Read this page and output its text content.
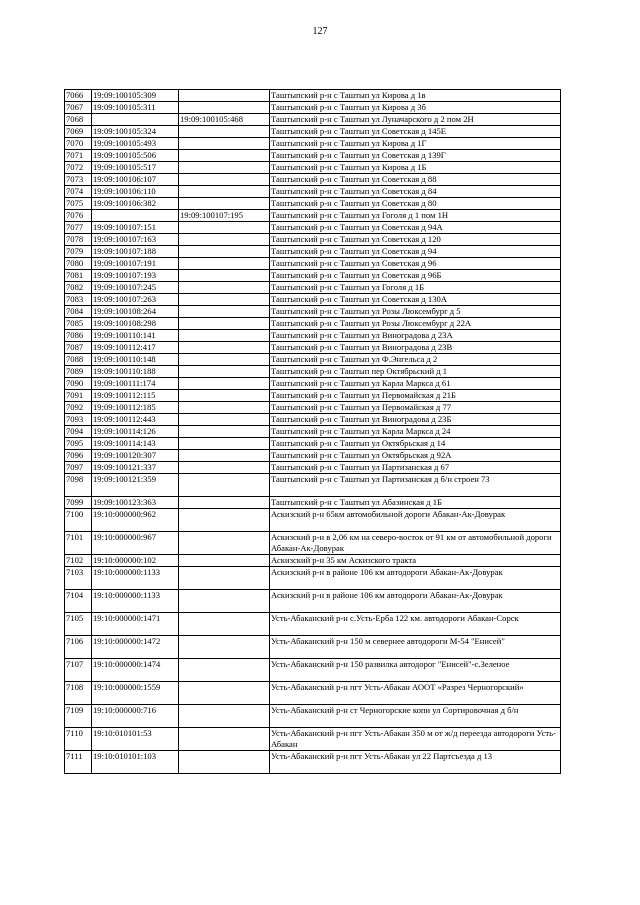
127
7066	19:09:100105:309		Таштыпский р-н с Таштып ул Кирова д 1в
7067	19:09:100105:311		Таштыпский р-н с Таштып ул Кирова д 3б
7068		19:09:100105:468	Таштыпский р-н с Таштып ул Луначарского д 2 пом 2Н
7069	19:09:100105:324		Таштыпский р-н с Таштып ул Советская д 145Е
7070	19:09:100105:493		Таштыпский р-н с Таштып ул Кирова д 1Г
7071	19:09:100105:506		Таштыпский р-н с Таштып ул Советская д 139Г
7072	19:09:100105:517		Таштыпский р-н с Таштып ул Кирова д 1Б
7073	19:09:100106:107		Таштыпский р-н с Таштып ул Советская д 88
7074	19:09:100106:110		Таштыпский р-н с Таштып ул Советская д 84
7075	19:09:100106:382		Таштыпский р-н с Таштып ул Советская д 80
7076		19:09:100107:195	Таштыпский р-н с Таштып ул Гоголя д 1 пом 1Н
7077	19:09:100107:151		Таштыпский р-н с Таштып ул Советская д 94А
7078	19:09:100107:163		Таштыпский р-н с Таштып ул Советская д 120
7079	19:09:100107:188		Таштыпский р-н с Таштып ул Советская д 94
7080	19:09:100107:191		Таштыпский р-н с Таштып ул Советская д 96
7081	19:09:100107:193		Таштыпский р-н с Таштып ул Советская д 96Б
7082	19:09:100107:245		Таштыпский р-н с Таштып ул Гоголя д 1Б
7083	19:09:100107:263		Таштыпский р-н с Таштып ул Советская д 130А
7084	19:09:100108:264		Таштыпский р-н с Таштып ул Розы Люксембург д 5
7085	19:09:100108:298		Таштыпский р-н с Таштып ул Розы Люксембург д 22А
7086	19:09:100110:141		Таштыпский р-н с Таштып ул Виноградова д 23А
7087	19:09:100112:417		Таштыпский р-н с Таштып ул Виноградова д 23В
7088	19:09:100110:148		Таштыпский р-н с Таштып ул Ф.Энгельса д 2
7089	19:09:100110:188		Таштыпский р-н с Таштып пер Октябрьский д 1
7090	19:09:100111:174		Таштыпский р-н с Таштып ул Карла Маркса д 61
7091	19:09:100112:115		Таштыпский р-н с Таштып ул Первомайская д 21Б
7092	19:09:100112:185		Таштыпский р-н с Таштып ул Первомайская д 77
7093	19:09:100112:443		Таштыпский р-н с Таштып ул Виноградова д 23Б
7094	19:09:100114:126		Таштыпский р-н с Таштып ул Карла Маркса д 24
7095	19:09:100114:143		Таштыпский р-н с Таштып ул Октябрьская д 14
7096	19:09:100120:307		Таштыпский р-н с Таштып ул Октябрьская д 92А
7097	19:09:100121:337		Таштыпский р-н с Таштып ул Партизанская д 67
7098	19:09:100121:359		Таштыпский р-н с Таштып ул Партизанская д б/н строен 73
7099	19:09:100123:363		Таштыпский р-н с Таштып ул Абазинская д 1Б
7100	19:10:000000:962		Аскизский р-н 65км автомобильной дороги Абакан-Ак-Довурак
7101	19:10:000000:967		Аскизский р-н в 2,06 км на северо-восток от 91 км от автомобильной дороги Абакан-Ак-Довурак
7102	19:10:000000:102		Аскизский р-н 35 км Аскизского тракта
7103	19:10:000000:1133		Аскизский р-н в районе 106 км автодороги Абакан-Ак-Довурак
7104	19:10:000000:1133		Аскизский р-н в районе 106 км автодороги Абакан-Ак-Довурак
7105	19:10:000000:1471		Усть-Абаканский р-н с.Усть-Ерба 122 км. автодороги Абакан-Сорск
7106	19:10:000000:1472		Усть-Абаканский р-н 150 м севернее автодороги М-54 "Енисей"
7107	19:10:000000:1474		Усть-Абаканский р-н 150 развилка автодорог "Енисей"-с.Зеленое
7108	19:10:000000:1559		Усть-Абаканский р-н пгт Усть-Абакан АООТ «Разрез Черногорский»
7109	19:10:000000:716		Усть-Абаканский р-н ст Черногорские копи ул Сортировочная д б/н
7110	19:10:010101:53		Усть-Абаканский р-н пгт Усть-Абакан 350 м от ж/д переезда автодороги Усть-Абакан
7111	19:10:010101:103		Усть-Абаканский р-н пгт Усть-Абакан ул 22 Партсъезда д 13
